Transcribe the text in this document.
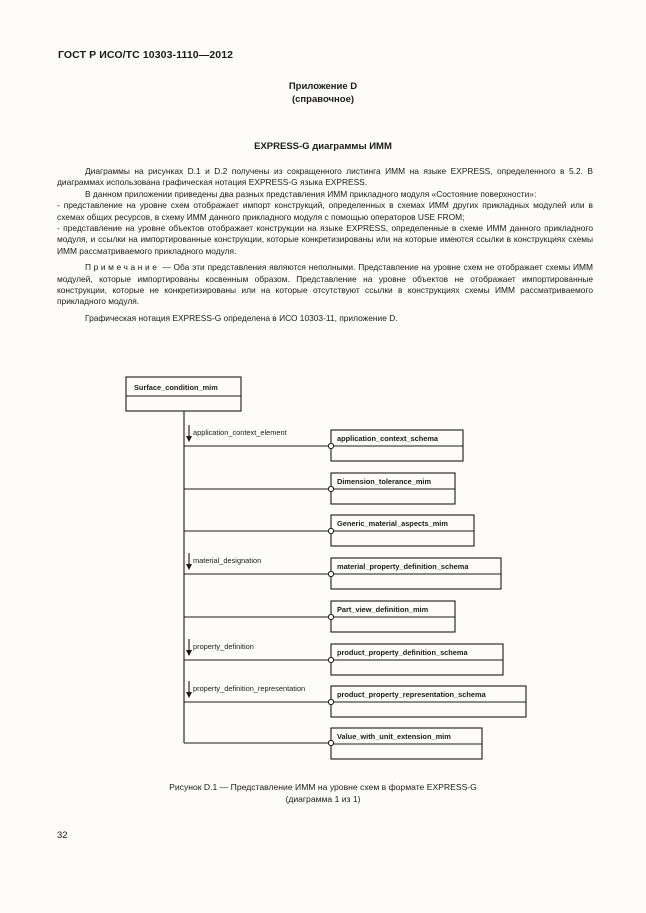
ГОСТ Р ИСО/ТС 10303-1110—2012
Приложение D
(справочное)
EXPRESS-G диаграммы ИММ

Диаграммы на рисунках D.1 и D.2 получены из сокращенного листинга ИММ на языке EXPRESS, определенного в 5.2. В диаграммах использована графическая нотация EXPRESS-G языка EXPRESS.

В данном приложении приведены два разных представления ИММ прикладного модуля «Состояние поверхности»:

- представление на уровне схем отображает импорт конструкций, определенных в схемах ИММ других прикладных модулей или в схемах общих ресурсов, в схему ИММ данного прикладного модуля с помощью операторов USE FROM;

- представление на уровне объектов отображает конструкции на языке EXPRESS, определенные в схеме ИММ данного прикладного модуля, и ссылки на импортированные конструкции, которые конкретизированы или на которые имеются ссылки в конструкциях схемы ИММ рассматриваемого прикладного модуля.

Примечание — Оба эти представления являются неполными. Представление на уровне схем не отображает схемы ИММ модулей, которые импортированы косвенным образом. Представление на уровне объектов не отображает импортированные конструкции, которые не конкретизированы или на которые отсутствуют ссылки в конструкциях схемы ИММ рассматриваемого прикладного модуля.

Графическая нотация EXPRESS-G определена в ИСО 10303-11, приложение D.

Surface_condition_mim
application_context_schema
Dimension_tolerance_mim
Generic_material_aspects_mim
material_property_definition_schema
Part_view_definition_mim
product_property_definition_schema
product_property_representation_schema
Value_with_unit_extension_mim
application_context_element
material_designation
property_definition
property_definition_representation
Рисунок D.1 — Представление ИММ на уровне схем в формате EXPRESS-G
(диаграмма 1 из 1)
32
